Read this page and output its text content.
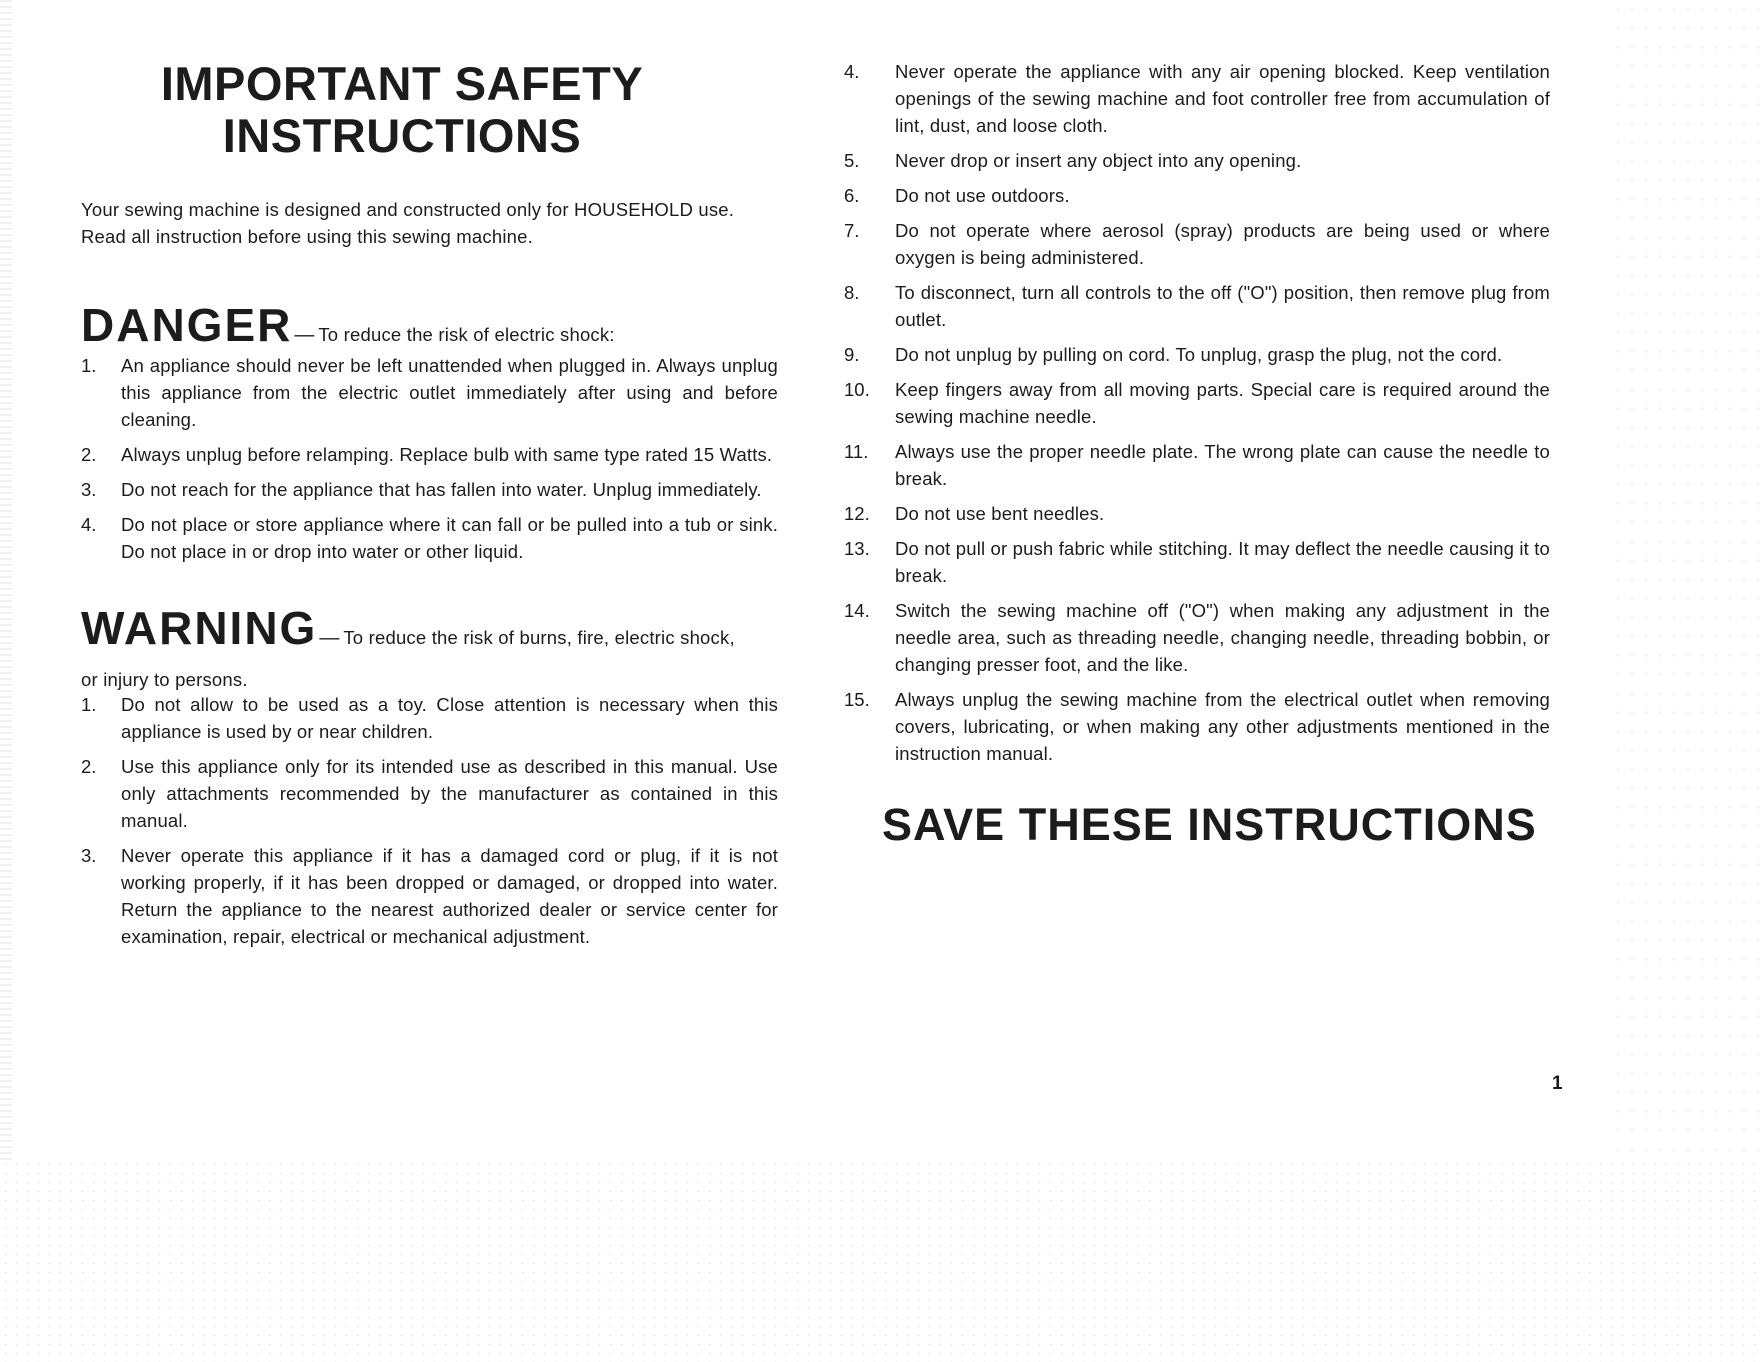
IMPORTANT SAFETY
INSTRUCTIONS

Your sewing machine is designed and constructed only for HOUSEHOLD use.
Read all instruction before using this sewing machine.

DANGER — To reduce the risk of electric shock:
1.	An appliance should never be left unattended when plugged in. Always unplug this appliance from the electric outlet immediately after using and before cleaning.
2.	Always unplug before relamping. Replace bulb with same type rated 15 Watts.
3.	Do not reach for the appliance that has fallen into water. Unplug immediately.
4.	Do not place or store appliance where it can fall or be pulled into a tub or sink. Do not place in or drop into water or other liquid.
WARNING — To reduce the risk of burns, fire, electric shock,
or injury to persons.
1.	Do not allow to be used as a toy. Close attention is necessary when this appliance is used by or near children.
2.	Use this appliance only for its intended use as described in this manual. Use only attachments recommended by the manufacturer as contained in this manual.
3.	Never operate this appliance if it has a damaged cord or plug, if it is not working properly, if it has been dropped or damaged, or dropped into water. Return the appliance to the nearest authorized dealer or service center for examination, repair, electrical or mechanical adjustment.
4.	Never operate the appliance with any air opening blocked. Keep ventilation openings of the sewing machine and foot controller free from accumulation of lint, dust, and loose cloth.
5.	Never drop or insert any object into any opening.
6.	Do not use outdoors.
7.	Do not operate where aerosol (spray) products are being used or where oxygen is being administered.
8.	To disconnect, turn all controls to the off ("O") position, then remove plug from outlet.
9.	Do not unplug by pulling on cord. To unplug, grasp the plug, not the cord.
10.	Keep fingers away from all moving parts. Special care is required around the sewing machine needle.
11.	Always use the proper needle plate. The wrong plate can cause the needle to break.
12.	Do not use bent needles.
13.	Do not pull or push fabric while stitching. It may deflect the needle causing it to break.
14.	Switch the sewing machine off ("O") when making any adjustment in the needle area, such as threading needle, changing needle, threading bobbin, or changing presser foot, and the like.
15.	Always unplug the sewing machine from the electrical outlet when removing covers, lubricating, or when making any other adjustments mentioned in the instruction manual.
SAVE THESE INSTRUCTIONS
1
